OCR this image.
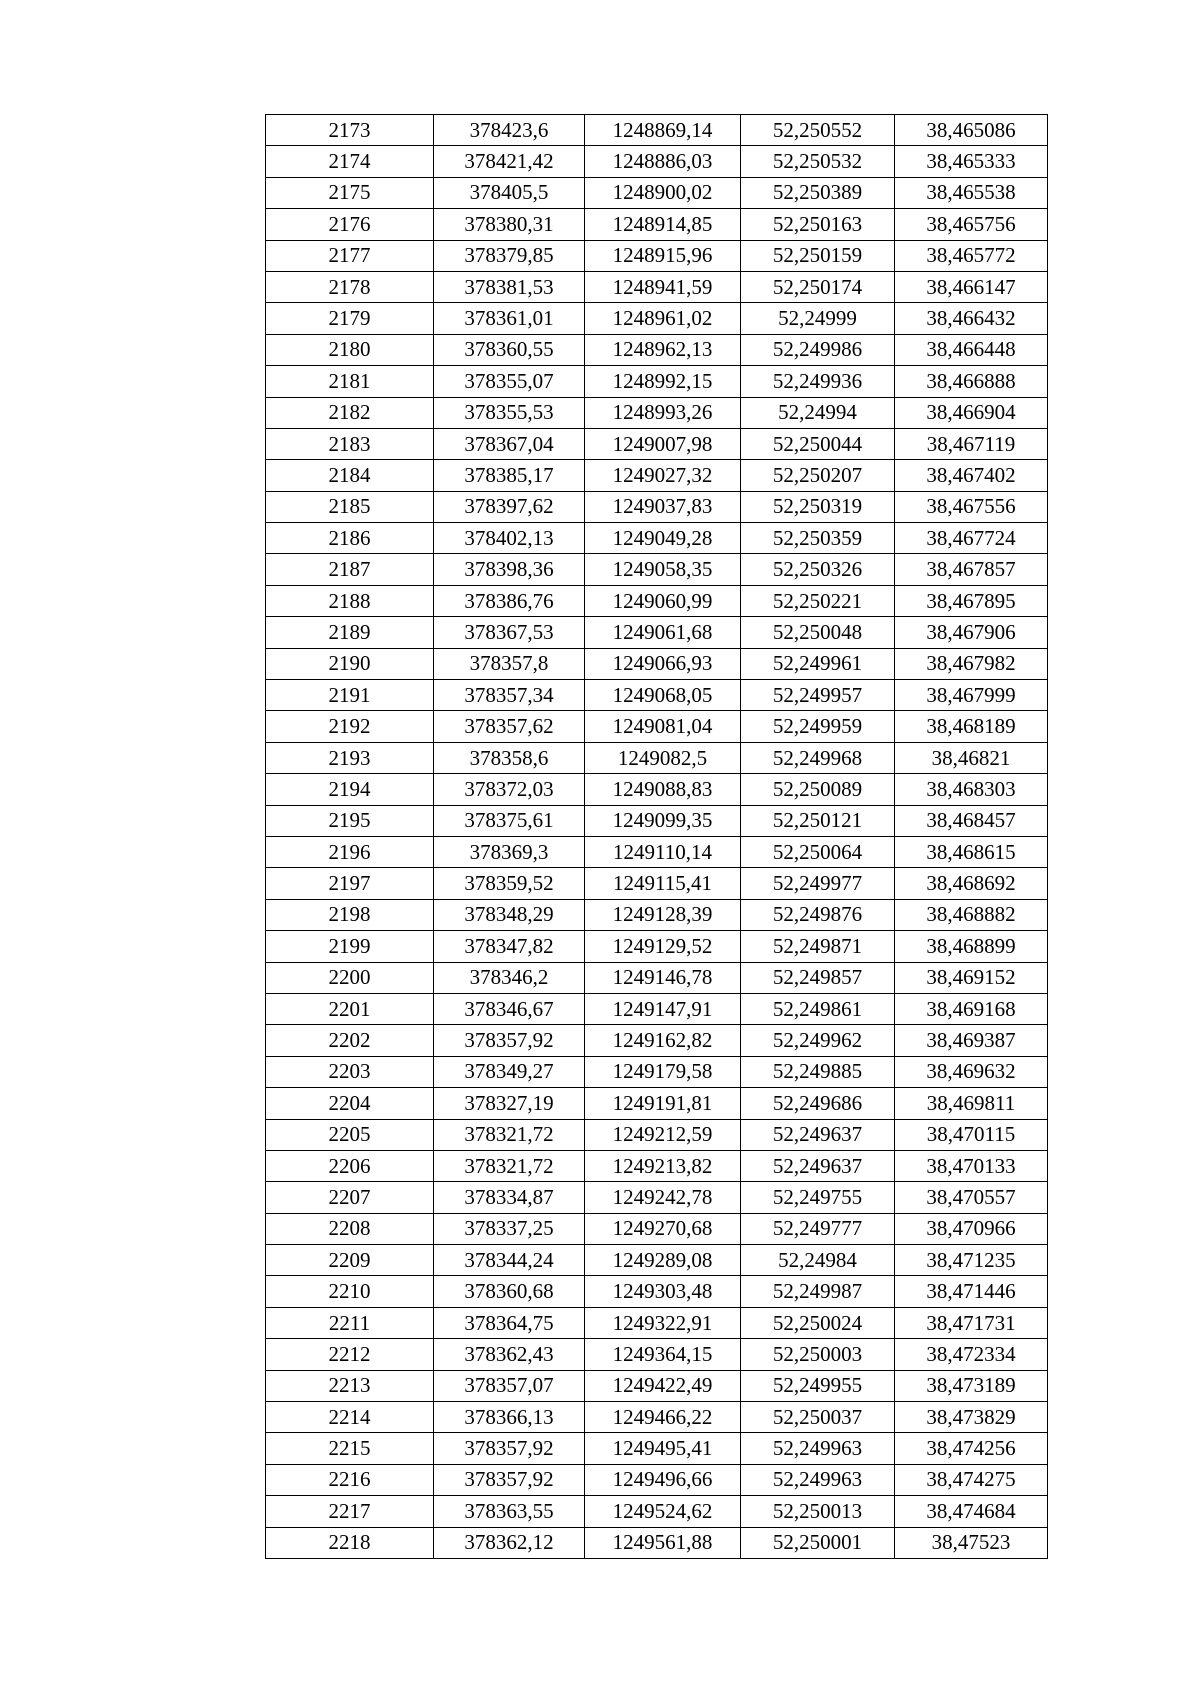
2173	378423,6	1248869,14	52,250552	38,465086
2174	378421,42	1248886,03	52,250532	38,465333
2175	378405,5	1248900,02	52,250389	38,465538
2176	378380,31	1248914,85	52,250163	38,465756
2177	378379,85	1248915,96	52,250159	38,465772
2178	378381,53	1248941,59	52,250174	38,466147
2179	378361,01	1248961,02	52,24999	38,466432
2180	378360,55	1248962,13	52,249986	38,466448
2181	378355,07	1248992,15	52,249936	38,466888
2182	378355,53	1248993,26	52,24994	38,466904
2183	378367,04	1249007,98	52,250044	38,467119
2184	378385,17	1249027,32	52,250207	38,467402
2185	378397,62	1249037,83	52,250319	38,467556
2186	378402,13	1249049,28	52,250359	38,467724
2187	378398,36	1249058,35	52,250326	38,467857
2188	378386,76	1249060,99	52,250221	38,467895
2189	378367,53	1249061,68	52,250048	38,467906
2190	378357,8	1249066,93	52,249961	38,467982
2191	378357,34	1249068,05	52,249957	38,467999
2192	378357,62	1249081,04	52,249959	38,468189
2193	378358,6	1249082,5	52,249968	38,46821
2194	378372,03	1249088,83	52,250089	38,468303
2195	378375,61	1249099,35	52,250121	38,468457
2196	378369,3	1249110,14	52,250064	38,468615
2197	378359,52	1249115,41	52,249977	38,468692
2198	378348,29	1249128,39	52,249876	38,468882
2199	378347,82	1249129,52	52,249871	38,468899
2200	378346,2	1249146,78	52,249857	38,469152
2201	378346,67	1249147,91	52,249861	38,469168
2202	378357,92	1249162,82	52,249962	38,469387
2203	378349,27	1249179,58	52,249885	38,469632
2204	378327,19	1249191,81	52,249686	38,469811
2205	378321,72	1249212,59	52,249637	38,470115
2206	378321,72	1249213,82	52,249637	38,470133
2207	378334,87	1249242,78	52,249755	38,470557
2208	378337,25	1249270,68	52,249777	38,470966
2209	378344,24	1249289,08	52,24984	38,471235
2210	378360,68	1249303,48	52,249987	38,471446
2211	378364,75	1249322,91	52,250024	38,471731
2212	378362,43	1249364,15	52,250003	38,472334
2213	378357,07	1249422,49	52,249955	38,473189
2214	378366,13	1249466,22	52,250037	38,473829
2215	378357,92	1249495,41	52,249963	38,474256
2216	378357,92	1249496,66	52,249963	38,474275
2217	378363,55	1249524,62	52,250013	38,474684
2218	378362,12	1249561,88	52,250001	38,47523
